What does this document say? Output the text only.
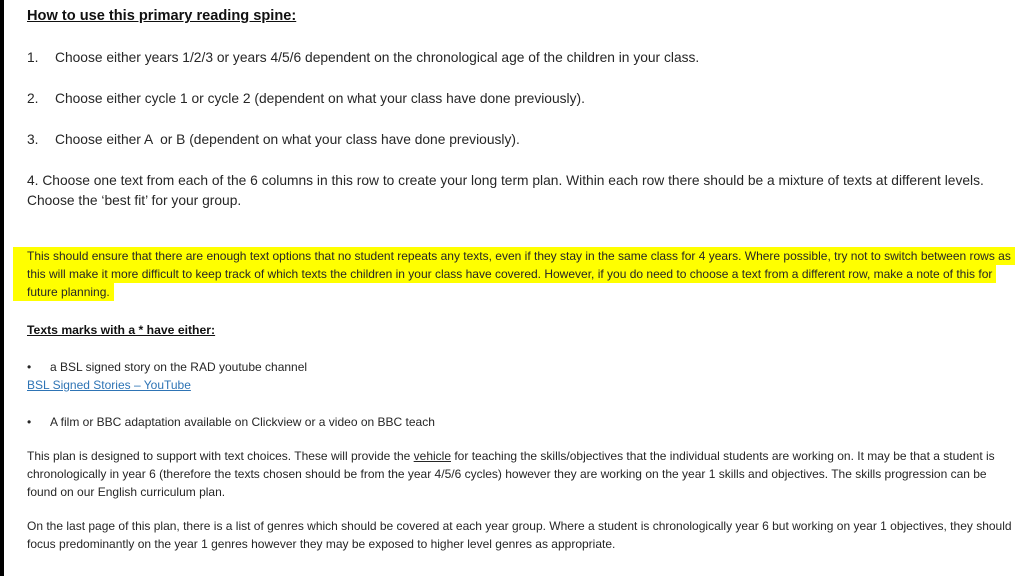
How to use this primary reading spine:
1.	Choose either years 1/2/3 or years 4/5/6 dependent on the chronological age of the children in your class.
2.	Choose either cycle 1 or cycle 2 (dependent on what your class have done previously).
3.	Choose either A  or B (dependent on what your class have done previously).
4. Choose one text from each of the 6 columns in this row to create your long term plan. Within each row there should be a mixture of texts at different levels. Choose the ‘best fit’ for your group.
This should ensure that there are enough text options that no student repeats any texts, even if they stay in the same class for 4 years. Where possible, try not to switch between rows as this will make it more difficult to keep track of which texts the children in your class have covered. However, if you do need to choose a text from a different row, make a note of this for future planning.
Texts marks with a * have either:
•	a BSL signed story on the RAD youtube channel
BSL Signed Stories – YouTube
•	A film or BBC adaptation available on Clickview or a video on BBC teach
This plan is designed to support with text choices. These will provide the vehicle for teaching the skills/objectives that the individual students are working on. It may be that a student is chronologically in year 6 (therefore the texts chosen should be from the year 4/5/6 cycles) however they are working on the year 1 skills and objectives. The skills progression can be found on our English curriculum plan.
On the last page of this plan, there is a list of genres which should be covered at each year group. Where a student is chronologically year 6 but working on year 1 objectives, they should focus predominantly on the year 1 genres however they may be exposed to higher level genres as appropriate.
